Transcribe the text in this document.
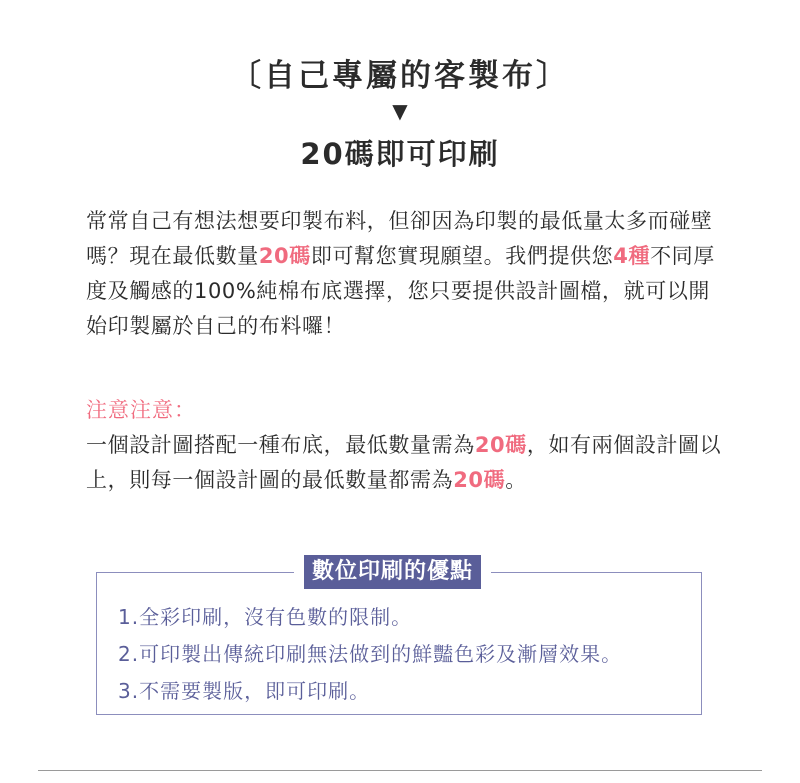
〔自己專屬的客製布〕
▼
20碼即可印刷

常常自己有想法想要印製布料，但卻因為印製的最低量太多而碰壁嗎？現在最低數量20碼即可幫您實現願望。我們提供您4種不同厚度及觸感的100%純棉布底選擇，您只要提供設計圖檔，就可以開始印製屬於自己的布料囉！

注意注意：

一個設計圖搭配一種布底，最低數量需為20碼，如有兩個設計圖以上，則每一個設計圖的最低數量都需為20碼。

數位印刷的優點
1.全彩印刷，沒有色數的限制。
2.可印製出傳統印刷無法做到的鮮豔色彩及漸層效果。
3.不需要製版，即可印刷。
